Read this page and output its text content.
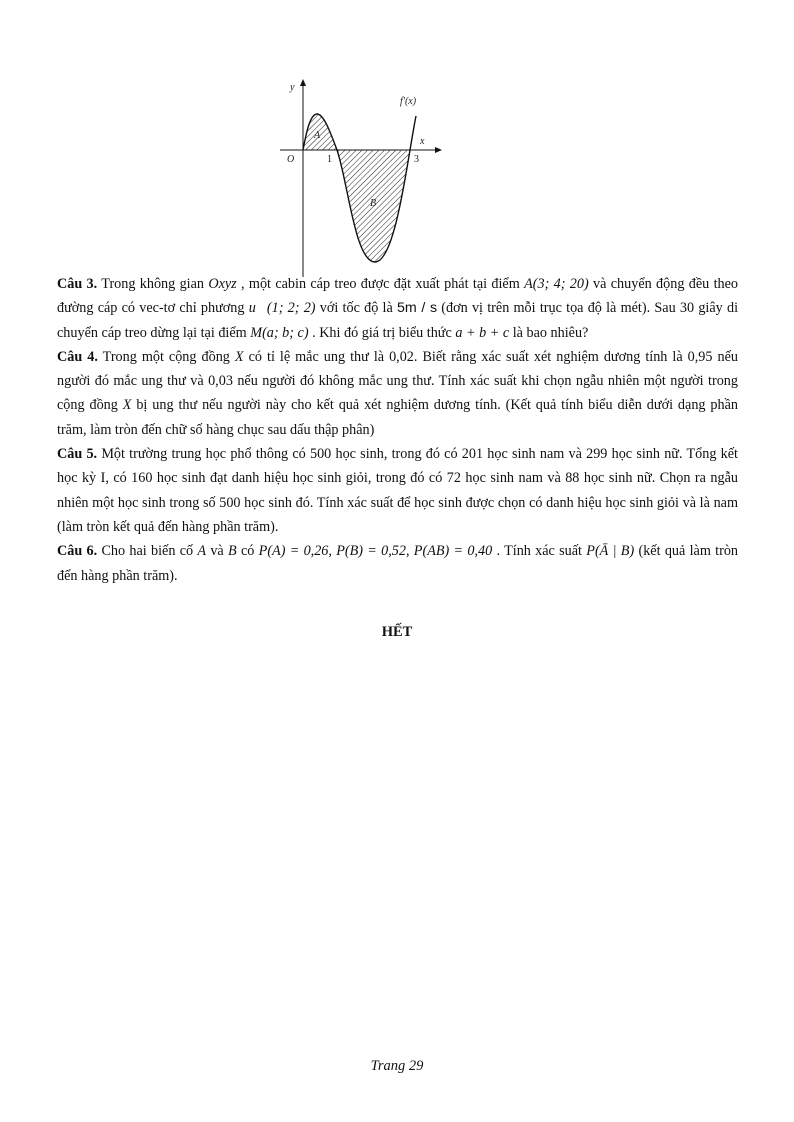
y
x
f′(x)
O	1	3
A
B

Câu 3. Trong không gian Oxyz , một cabin cáp treo được đặt xuất phát tại điểm A(3; 4; 20) và chuyển động đều theo đường cáp có vec-tơ chỉ phương u⃗(1; 2; 2) với tốc độ là 5m / s (đơn vị trên mỗi trục tọa độ là mét). Sau 30 giây di chuyển cáp treo dừng lại tại điểm M(a; b; c) . Khi đó giá trị biểu thức a + b + c là bao nhiêu?

Câu 4. Trong một cộng đồng X có tỉ lệ mắc ung thư là 0,02. Biết rằng xác suất xét nghiệm dương tính là 0,95 nếu người đó mắc ung thư và 0,03 nếu người đó không mắc ung thư. Tính xác suất khi chọn ngẫu nhiên một người trong cộng đồng X bị ung thư nếu người này cho kết quả xét nghiệm dương tính. (Kết quả tính biểu diễn dưới dạng phần trăm, làm tròn đến chữ số hàng chục sau dấu thập phân)

Câu 5. Một trường trung học phổ thông có 500 học sinh, trong đó có 201 học sinh nam và 299 học sinh nữ. Tổng kết học kỳ I, có 160 học sinh đạt danh hiệu học sinh giỏi, trong đó có 72 học sinh nam và 88 học sinh nữ. Chọn ra ngẫu nhiên một học sinh trong số 500 học sinh đó. Tính xác suất để học sinh được chọn có danh hiệu học sinh giỏi và là nam (làm tròn kết quả đến hàng phần trăm).

Câu 6. Cho hai biến cố A và B có P(A) = 0,26, P(B) = 0,52, P(AB) = 0,40 . Tính xác suất P(Ā | B) (kết quả làm tròn đến hàng phần trăm).

HẾT
Trang 29
